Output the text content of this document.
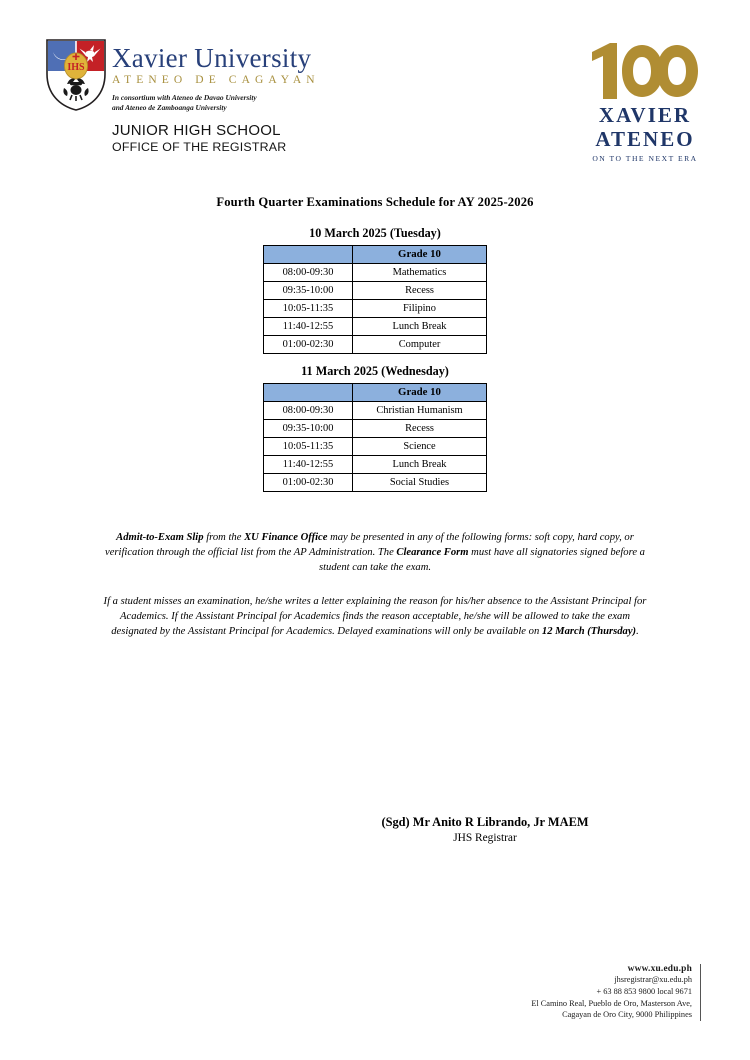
IHS Xavier University
ATENEO DE CAGAYAN
In consortium with Ateneo de Davao University
and Ateneo de Zamboanga University
JUNIOR HIGH SCHOOL
OFFICE OF THE REGISTRAR
XAVIER
ATENEO
ON TO THE NEXT ERA
Fourth Quarter Examinations Schedule for AY 2025-2026
10 March 2025 (Tuesday)
	Grade 10
08:00-09:30	Mathematics
09:35-10:00	Recess
10:05-11:35	Filipino
11:40-12:55	Lunch Break
01:00-02:30	Computer
11 March 2025 (Wednesday)
	Grade 10
08:00-09:30	Christian Humanism
09:35-10:00	Recess
10:05-11:35	Science
11:40-12:55	Lunch Break
01:00-02:30	Social Studies

Admit-to-Exam Slip from the XU Finance Office may be presented in any of the following forms: soft copy, hard copy, or verification through the official list from the AP Administration. The Clearance Form must have all signatories signed before a student can take the exam.

If a student misses an examination, he/she writes a letter explaining the reason for his/her absence to the Assistant Principal for Academics. If the Assistant Principal for Academics finds the reason acceptable, he/she will be allowed to take the exam designated by the Assistant Principal for Academics. Delayed examinations will only be available on 12 March (Thursday).

(Sgd) Mr Anito R Librando, Jr MAEM
JHS Registrar
www.xu.edu.ph
jhsregistrar@xu.edu.ph
+ 63 88 853 9800 local 9671
El Camino Real, Pueblo de Oro, Masterson Ave,
Cagayan de Oro City, 9000 Philippines
